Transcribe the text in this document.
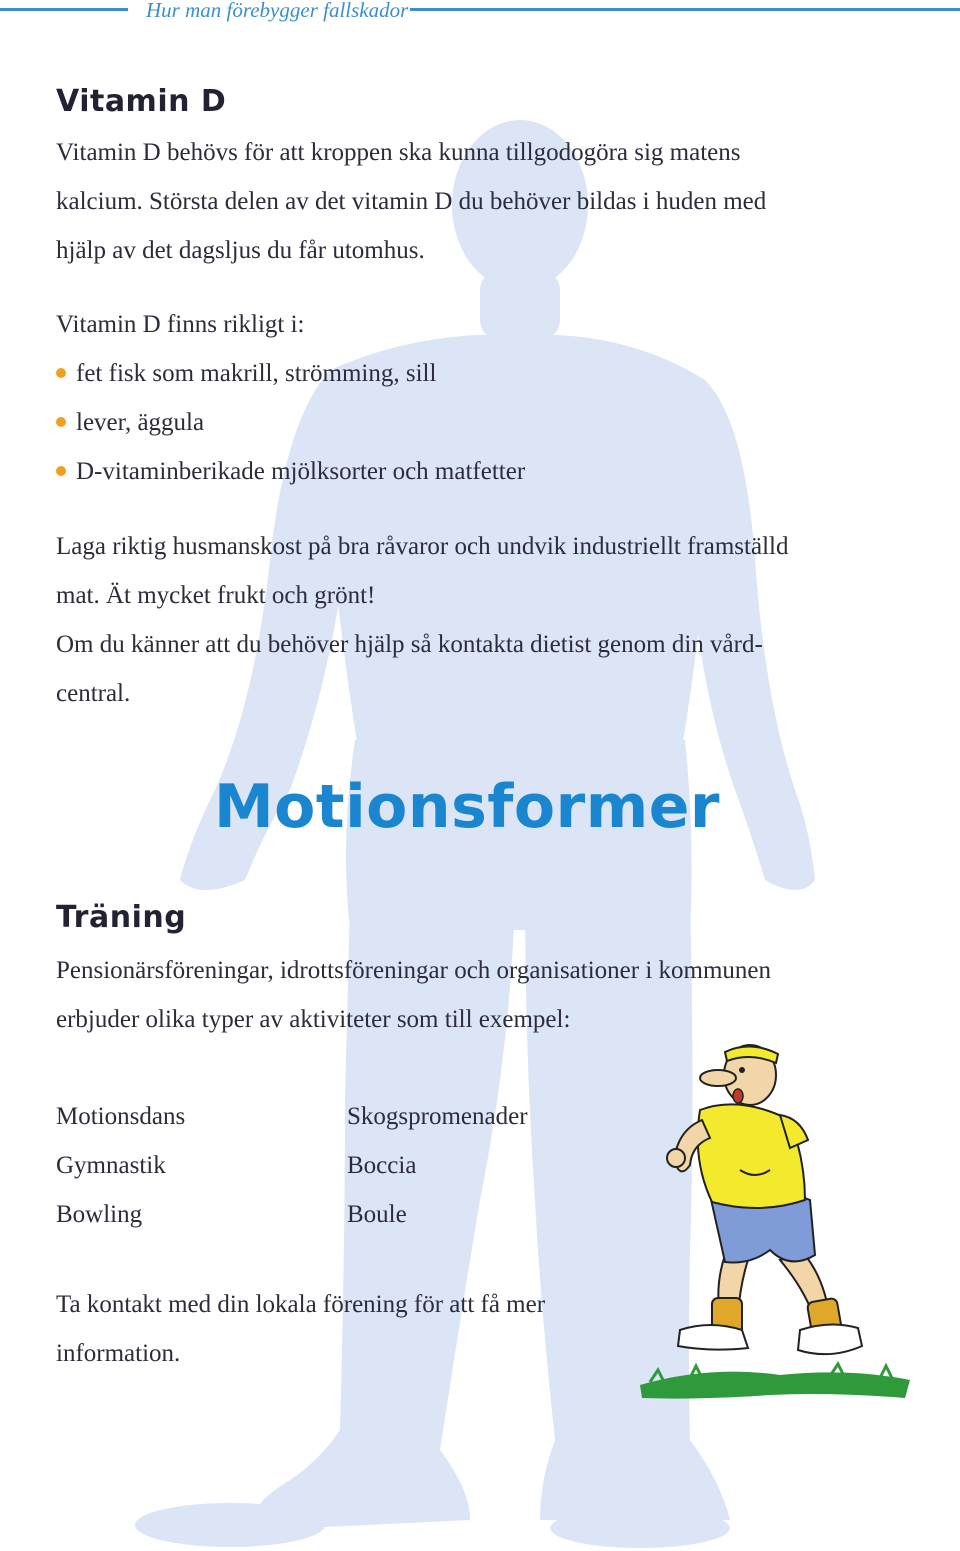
Hur man förebygger fallskador
Vitamin D
Vitamin D behövs för att kroppen ska kunna tillgodogöra sig matens
kalcium. Största delen av det vitamin D du behöver bildas i huden med
hjälp av det dagsljus du får utomhus.
Vitamin D finns rikligt i:
fet fisk som makrill, strömming, sill
lever, äggula
D-vitaminberikade mjölksorter och matfetter
Laga riktig husmanskost på bra råvaror och undvik industriellt framställd
mat. Ät mycket frukt och grönt!
Om du känner att du behöver hjälp så kontakta dietist genom din vård-
central.
Motionsformer
Träning
Pensionärsföreningar, idrottsföreningar och organisationer i kommunen
erbjuder olika typer av aktiviteter som till exempel:
Motionsdans
Gymnastik
Bowling
Skogspromenader
Boccia
Boule
Ta kontakt med din lokala förening för att få mer
information.
